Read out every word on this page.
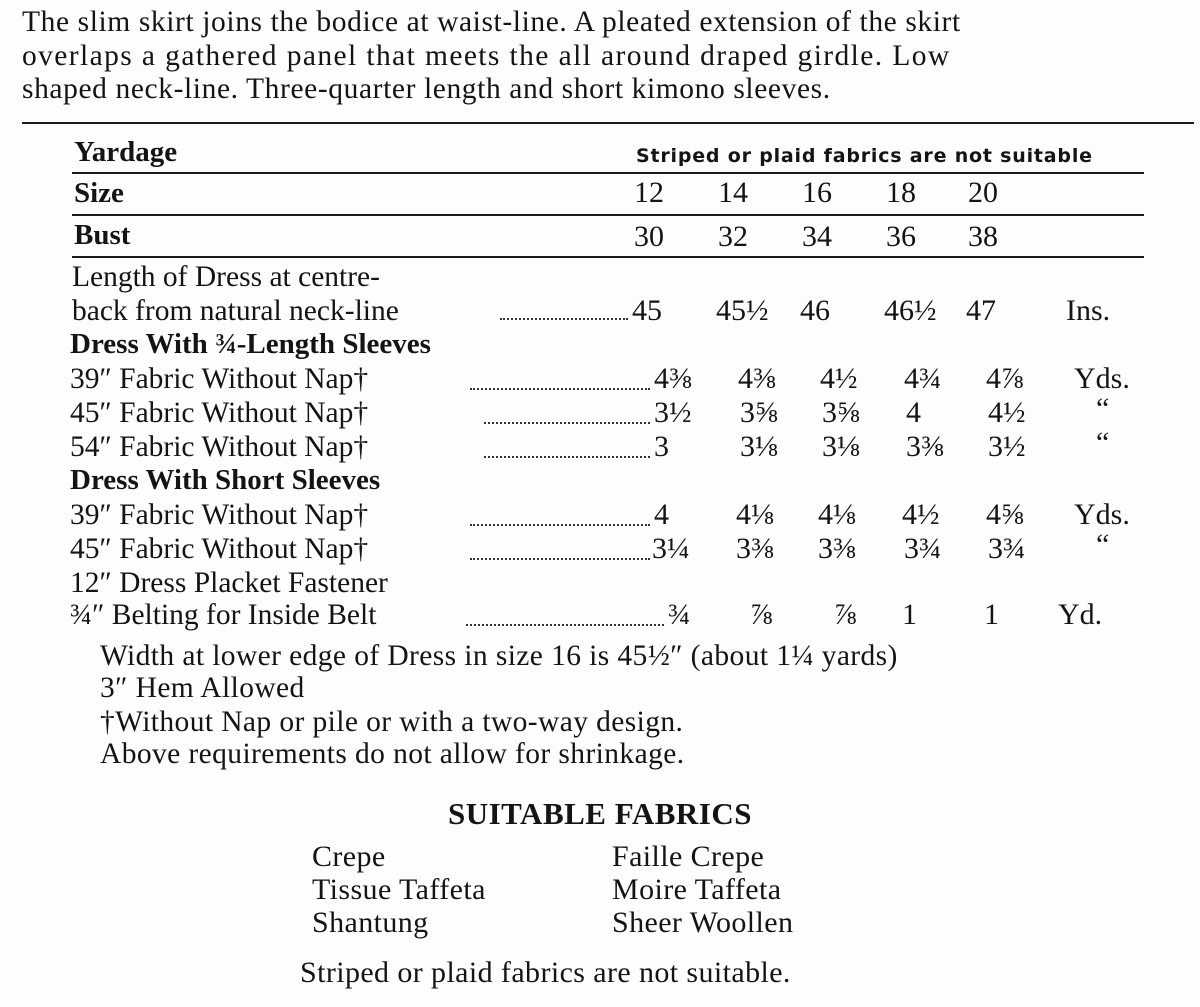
The slim skirt joins the bodice at waist-line. A pleated extension of the skirt
overlaps a gathered panel that meets the all around draped girdle. Low
shaped neck-line. Three-quarter length and short kimono sleeves.
Yardage	Striped or plaid fabrics are not suitable
Size	12 14 16 18 20
Bust	30 32 34 36 38
Length of Dress at centre-
back from natural neck-line	45 45½ 46 46½ 47 Ins.
Dress With ¾-Length Sleeves
39″ Fabric Without Nap†	4⅜ 4⅜ 4½ 4¾ 4⅞ Yds.
45″ Fabric Without Nap†	3½ 3⅝ 3⅝ 4 4½ “
54″ Fabric Without Nap†	3 3⅛ 3⅛ 3⅜ 3½ “
Dress With Short Sleeves
39″ Fabric Without Nap†	4 4⅛ 4⅛ 4½ 4⅝ Yds.
45″ Fabric Without Nap†	3¼ 3⅜ 3⅜ 3¾ 3¾ “
12″ Dress Placket Fastener
¾″ Belting for Inside Belt	¾ ⅞ ⅞ 1 1 Yd.
Width at lower edge of Dress in size 16 is 45½″ (about 1¼ yards)
3″ Hem Allowed
†Without Nap or pile or with a two-way design.
Above requirements do not allow for shrinkage.
SUITABLE FABRICS
Crepe
Tissue Taffeta
Shantung
Faille Crepe
Moire Taffeta
Sheer Woollen
Striped or plaid fabrics are not suitable.
